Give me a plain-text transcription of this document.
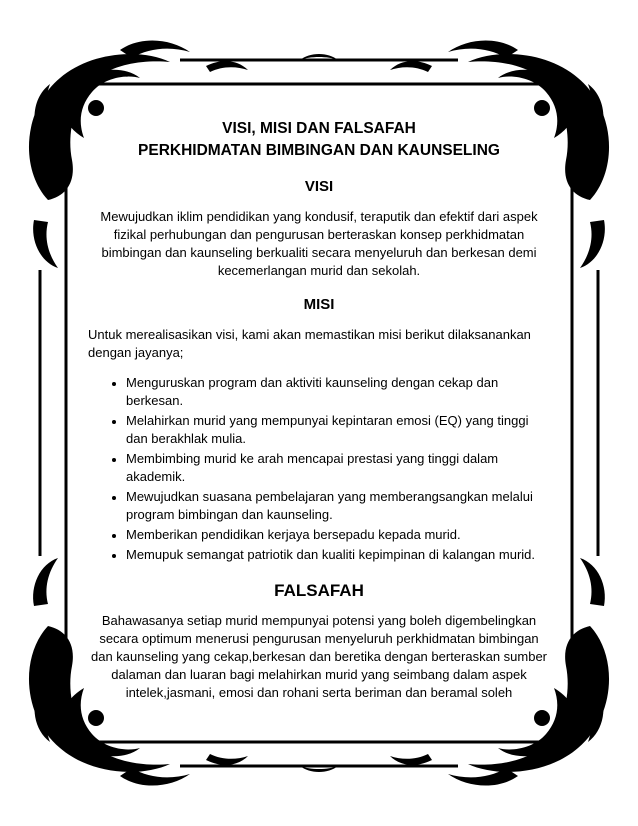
VISI, MISI DAN FALSAFAH

PERKHIDMATAN BIMBINGAN DAN KAUNSELING

VISI

Mewujudkan iklim pendidikan yang kondusif, teraputik dan efektif dari aspek fizikal perhubungan dan pengurusan berteraskan konsep perkhidmatan bimbingan dan kaunseling berkualiti secara menyeluruh dan berkesan demi kecemerlangan murid dan sekolah.

MISI

Untuk merealisasikan visi, kami akan memastikan misi berikut dilaksanankan dengan jayanya;

• Menguruskan program dan aktiviti kaunseling dengan cekap dan berkesan.
• Melahirkan murid yang mempunyai kepintaran emosi (EQ) yang tinggi dan berakhlak mulia.
• Membimbing murid ke arah mencapai prestasi yang tinggi dalam akademik.
• Mewujudkan suasana pembelajaran yang memberangsangkan melalui program bimbingan dan kaunseling.
• Memberikan pendidikan kerjaya bersepadu kepada murid.
• Memupuk semangat patriotik dan kualiti kepimpinan di kalangan murid.
FALSAFAH

Bahawasanya setiap murid mempunyai potensi yang boleh digembelingkan secara optimum menerusi pengurusan menyeluruh perkhidmatan bimbingan dan kaunseling yang cekap,berkesan dan beretika dengan berteraskan sumber dalaman dan luaran bagi melahirkan murid yang seimbang dalam aspek intelek,jasmani, emosi dan rohani serta beriman dan beramal soleh
